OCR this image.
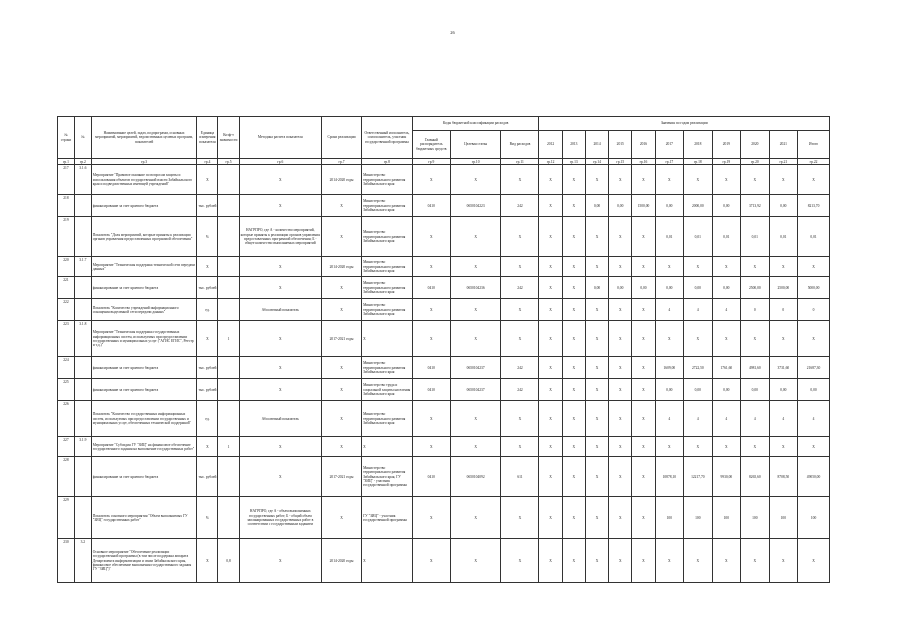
26
№ строки	№	Наименование целей, задач, подпрограмм, основных мероприятий, мероприятий, ведомственных целевых программ, показателей	Единица измерения показателя	Коэф-т значимости	Методика расчета показателя	Сроки реализации	Ответственный исполнитель, соисполнитель, участник государственной программы	Коды бюджетной классификации расходов			Значения по годам реализации										
								Главный распорядитель бюджетных средств	Целевая статья	Вид расходов	2012	2013	2014	2015	2016	2017	2018	2019	2020	2021	Итого
гр.1	гр.2	гр.3	гр.4	гр.5	гр.6	гр.7	гр.8	гр.9	гр.10	гр.11	гр.12	гр.13	гр.14	гр.15	гр.16	гр.17	гр.18	гр.19	гр.20	гр.21	гр.22
217	3.1.6	Мероприятие "Правовое оказание по вопросам защиты и использования объектов государственной власти Забайкальского края и подведомственных имеющей учреждений"	X		X	2014-2020 годы	Министерство территориального развития Забайкальского края	X	X	X	X	X	X	X	X	X	X	X	X	X	X
218		финансирование за счет краевого бюджета	тыс. рублей		X	X	Министерство территориального развития Забайкальского края	0410	0650104223	242	X	X	0,00	0,00	1500,00	0,00	2000,00	0,00	3713,92	0,00	8213,70
219		Показатель "Доля мероприятий, которые приняты к реализации органов управления предоставленных программой обеспечения"	%		НАГРПРО, где А - количество мероприятий, которые приняты к реализации органов управления предоставленных программой обеспечения; Б - общее количество выполняемых мероприятий	X	Министерство территориального развития Забайкальского края	X	X	X	X	X	X	X	X	0,01	0,01	0,01	0,01	0,01	0,01
220	3.1.7	Мероприятие "Техническая поддержка технической сети передачи данных"	X		X	2014-2020 годы	Министерство территориального развития Забайкальского края	X	X	X	X	X	X	X	X	X	X	X	X	X	X
221		финансирование за счет краевого бюджета	тыс. рублей		X	X	Министерство территориального развития Забайкальского края	0410	0650104236	242	X	X	0,00	0,00	0,00	0,00	0,00	0,00	2500,00	2500,00	5000,00
222		Показатель "Количество учреждений информационного оснащения выделенной сети передачи данных"	ед.		Абсолютный показатель	X	Министерство территориального развития Забайкальского края	X	X	X	X	X	X	X	X	4	4	4	0	0	0
223	3.1.8	Мероприятие "Техническая поддержка государственных информационных систем, используемых при предоставлении государственных и муниципальных услуг ("АГИС ЕГИС", Реестр и т.д.)"	X	1	X	2017-2021 годы	X	X	X	X	X	X	X	X	X	X	X	X	X	X	X
224		финансирование за счет краевого бюджета	тыс. рублей		X	X	Министерство территориального развития Забайкальского края	0410	0650104237	242	X	X	X	X	X	1609,00	2722,50	1761,60	4981,60	3731,60	21687,30
225		финансирование за счет краевого бюджета	тыс. рублей		X	X	Министерство труда и социальной защиты населения Забайкальского края	0410	0650104237	242	X	X	X	X	X	0,00	0,00	0,00	0,00	0,00	0,00
226		Показатель "Количество государственных информационных систем, используемых при предоставлении государственных и муниципальных услуг, обеспеченных технической поддержкой"	ед.		Абсолютный показатель	X	Министерство территориального развития Забайкальского края	X	X	X	X	X	X	X	X	4	4	4	4	4	4
227	3.1.9	Мероприятие "Субсидия ГУ "ЗИЦ" на финансовое обеспечение государственного задания на выполнение государственных работ"	X	1	X	X	X	X	X	X	X	X	X	X	X	X	X	X	X	X	X
228		финансирование за счет краевого бюджета	тыс. рублей		X	2017-2021 годы	Министерство территориального развития Забайкальского края, ГУ "ЗИЦ" - участник государственной программы	0410	0650104092	611	X	X	X	X	X	10878,10	12217,70	9930,00	8265,60	8708,50	49050,00
229		Показатель основного мероприятия "Объем выполняемых ГУ "ЗИЦ" государственных работ"	%		НАГРПРО, где А - объем выполненных государственных работ; Б - общий объем запланированных государственных работ в соответствии с государственным заданием	X	ГУ "ЗИЦ" - участник государственной программы	X	X	X	X	X	X	X	X	100	100	100	100	100	100
230	3.2	Основное мероприятие "Обеспечение реализации государственной программы (в том числе поддержка аппарата Департамента информатизации и связи Забайкальского края, финансовое обеспечение выполнения государственного задания ГУ "ЗИЦ")"	X	0,8	X	2014-2020 годы	X	X	X	X	X	X	X	X	X	X	X	X	X	X	X
